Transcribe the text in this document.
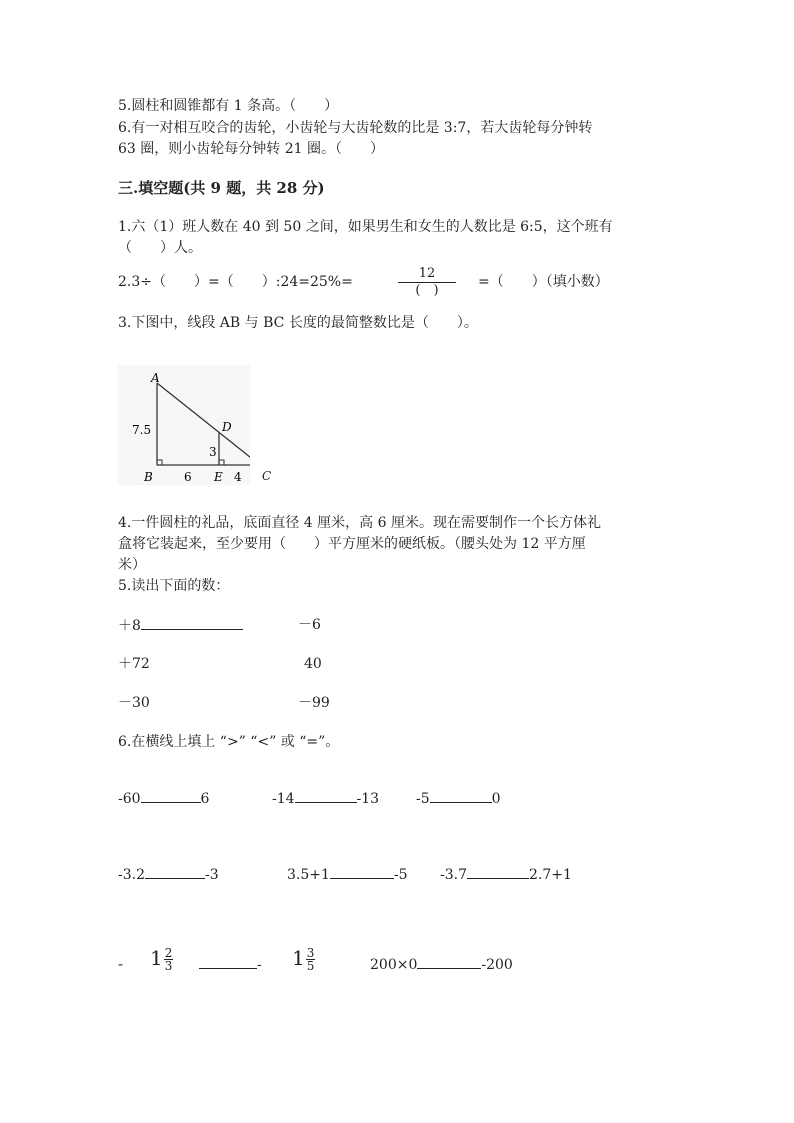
5.圆柱和圆锥都有 1 条高。（　　）
6.有一对相互咬合的齿轮，小齿轮与大齿轮数的比是 3:7，若大齿轮每分钟转
63 圈，则小齿轮每分钟转 21 圈。（　　）
三.填空题(共 9 题，共 28 分)
1.六（1）班人数在 40 到 50 之间，如果男生和女生的人数比是 6:5，这个班有
（　　）人。
2.3÷（　　）=（　　）:24=25%=
12
(　)
=（　　）（填小数）
3.下图中，线段 AB 与 BC 长度的最简整数比是（　　）。
A
B
D
E
7.5
3
6	4 C
4.一件圆柱的礼品，底面直径 4 厘米，高 6 厘米。现在需要制作一个长方体礼
盒将它装起来，至少要用（　　）平方厘米的硬纸板。（腰头处为 12 平方厘
米）
5.读出下面的数：
＋8	－6
＋72	40
－30	－99
6.在横线上填上 “>” “<” 或 “=”。
-60	6	-14	-13	-5	0
-3.2	-3	3.5+1	-5 -3.7	2.7+1
- $1 \frac{2}{3}$	- $1 \frac{3}{5}$	200×0	-200
